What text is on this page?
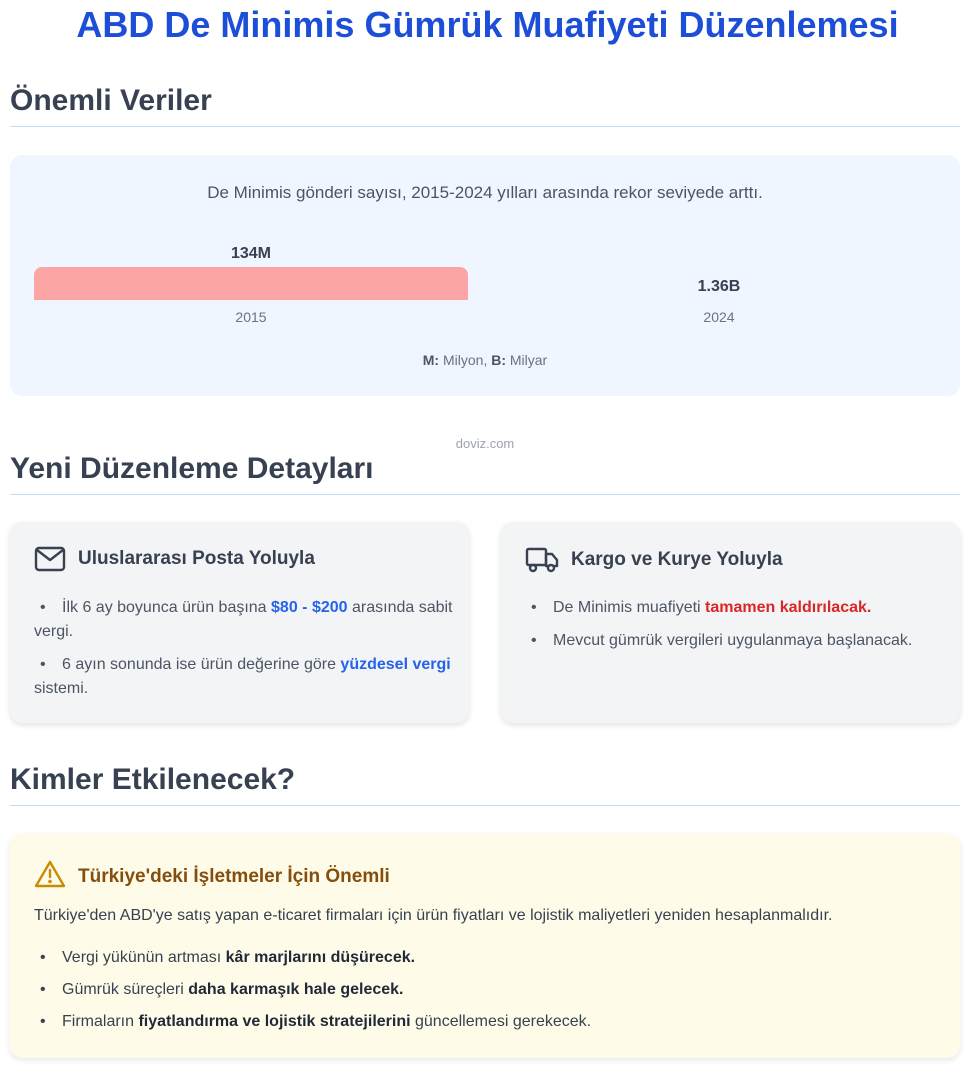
ABD De Minimis Gümrük Muafiyeti Düzenlemesi
Önemli Veriler

De Minimis gönderi sayısı, 2015-2024 yılları arasında rekor seviyede arttı.

134M
2015
1.36B
2024

M: Milyon, B: Milyar

doviz.com
Yeni Düzenleme Detayları
Uluslararası Posta Yoluyla
• İlk 6 ay boyunca ürün başına $80 - $200 arasında sabit vergi.
• 6 ayın sonunda ise ürün değerine göre yüzdesel vergi sistemi.
Kargo ve Kurye Yoluyla
• De Minimis muafiyeti tamamen kaldırılacak.
• Mevcut gümrük vergileri uygulanmaya başlanacak.
Kimler Etkilenecek?
Türkiye'deki İşletmeler İçin Önemli

Türkiye'den ABD'ye satış yapan e-ticaret firmaları için ürün fiyatları ve lojistik maliyetleri yeniden hesaplanmalıdır.

• Vergi yükünün artması kâr marjlarını düşürecek.
• Gümrük süreçleri daha karmaşık hale gelecek.
• Firmaların fiyatlandırma ve lojistik stratejilerini güncellemesi gerekecek.
